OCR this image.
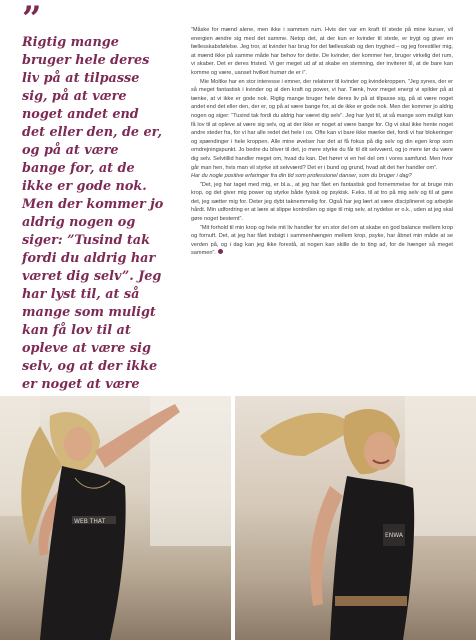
”

Rigtig mange bruger hele deres liv på at tilpasse sig, på at være noget andet end det eller den, de er, og på at være bange for, at de ikke er gode nok. Men der kommer jo aldrig nogen og siger: ”Tusind tak fordi du aldrig har været dig selv”. Jeg har lyst til, at så mange som muligt kan få lov til at opleve at være sig selv, og at der ikke er noget at være

”Måske for mænd alene, men ikke i sammen rum. Hvis der var en kraft til stede på mine kurser, vil energien ændre sig med det samme. Netop det, at der kun er kvinder til stede, er trygt og giver en fællesskabsfølelse. Jeg tror, at kvinder har brug for det fællesskab og den tryghed – og jeg forestiller mig, at mænd ikke på samme måde har behov for dette. De kvinder, der kommer her, bruger virkelig det rum, vi skaber. Det er deres fristed. Vi ger meget ud af at skabe en stemning, der inviterer til, at de bare kan komme og være, uanset hvilket humør de er i”.

Mie Moltke har en stor interesse i emner, der relaterer til kvinder og kvindekroppen. ”Jeg synes, der er så meget fantastisk i kvinder og al den kraft og power, vi har. Tænk, hvor meget energi vi spilder på at tænke, at vi ikke er gode nok. Rigtig mange bruger hele deres liv på at tilpasse sig, på at være noget andet end det eller den, der er, og på at være bange for, at de ikke er gode nok. Men der kommer jo aldrig nogen og siger: ”Tusind tak fordi du aldrig har været dig selv”. Jeg har lyst til, at så mange som muligt kan få lov til at opleve at være sig selv, og at der ikke er noget at være bange for. Og vi skal ikke hente noget andre steder fra, for vi har alle redet det hele i os. Ofte kan vi bare ikke mærke det, fordi vi har blokeringer og spændinger i hele kroppen. Alle mine øvelser har det at få fokus på dig selv og din egen krop som omdrejningspunkt. Jo bedre du bliver til det, jo mere styrke du får til dit selvværd, og jo mere tør du være dig selv. Selvtillid handler meget om, hvad du kan. Det hører vi en hel del om i vores samfund. Men hvor går man hen, hvis man vil styrke sit selvværd? Det er i bund og grund, hvad alt det her handler om”.

Har du nogle positive erfaringer fra din tid som professionel danser, som du bruger i dag?

”Det, jeg har taget med mig, er bl.a., at jeg har fået en fantastisk god fornemmelse for at bruge min krop, og det giver mig power og styrke både fysisk og psykisk. F.eks. til at tro på mig selv og til at gøre det, jeg sætter mig for. Deter jeg dybt taknemmelig for. Også har jeg lært at være disciplineret og arbejde hårdt. Min udfordring er at lære at slippe kontrollen og sige til mig selv, at nydelse er o.k., uden at jeg skal gøre noget bestemt”.

”Mit forhold til min krop og hele mit liv handler for en stor del om at skabe en god balance mellem krop og fornuft. Det, at jeg har fået indsigt i sammenhængen mellem krop, psyke, har åbnet min måde at se verden på, og i dag kan jeg ikke forestå, at nogen kan skille de to ting ad, for de hænger så meget sammen”.

WEB THAT
ENWA
